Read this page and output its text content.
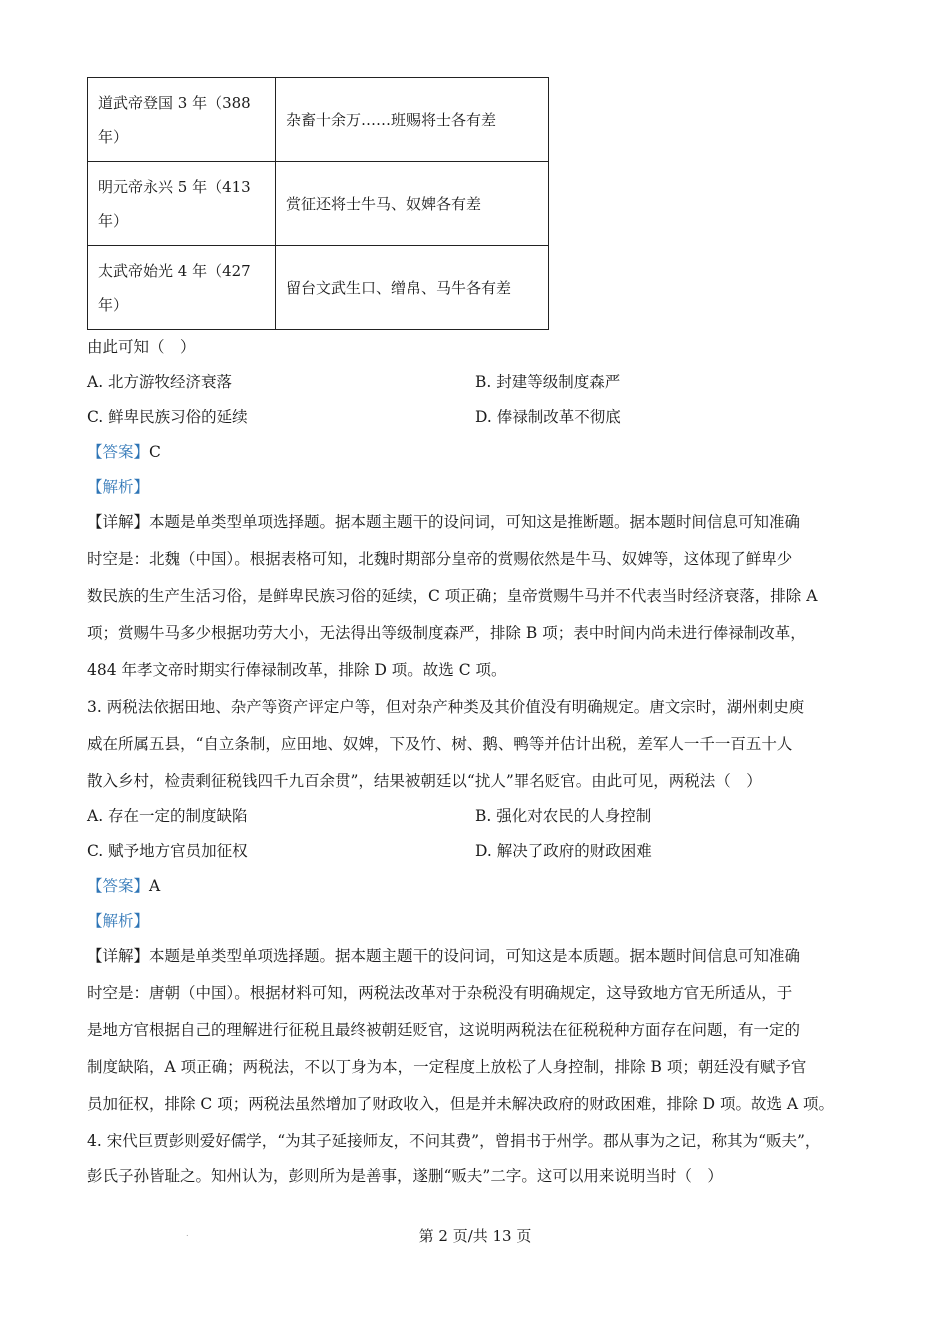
道武帝登国 3 年（388
年）	杂畜十余万……班赐将士各有差
明元帝永兴 5 年（413
年）	赏征还将士牛马、奴婢各有差
太武帝始光 4 年（427
年）	留台文武生口、缯帛、马牛各有差
由此可知（　）
A. 北方游牧经济衰落	B. 封建等级制度森严
C. 鲜卑民族习俗的延续	D. 俸禄制改革不彻底
【答案】C
【解析】
【详解】本题是单类型单项选择题。据本题主题干的设问词，可知这是推断题。据本题时间信息可知准确
时空是：北魏（中国）。根据表格可知，北魏时期部分皇帝的赏赐依然是牛马、奴婢等，这体现了鲜卑少
数民族的生产生活习俗，是鲜卑民族习俗的延续，C 项正确；皇帝赏赐牛马并不代表当时经济衰落，排除 A
项；赏赐牛马多少根据功劳大小，无法得出等级制度森严，排除 B 项；表中时间内尚未进行俸禄制改革，
484 年孝文帝时期实行俸禄制改革，排除 D 项。故选 C 项。
3. 两税法依据田地、杂产等资产评定户等，但对杂产种类及其价值没有明确规定。唐文宗时，湖州刺史庾
威在所属五县，“自立条制，应田地、奴婢，下及竹、树、鹅、鸭等并估计出税，差军人一千一百五十人
散入乡村，检责剩征税钱四千九百余贯”，结果被朝廷以“扰人”罪名贬官。由此可见，两税法（　）
A. 存在一定的制度缺陷	B. 强化对农民的人身控制
C. 赋予地方官员加征权	D. 解决了政府的财政困难
【答案】A
【解析】
【详解】本题是单类型单项选择题。据本题主题干的设问词，可知这是本质题。据本题时间信息可知准确
时空是：唐朝（中国）。根据材料可知，两税法改革对于杂税没有明确规定，这导致地方官无所适从，于
是地方官根据自己的理解进行征税且最终被朝廷贬官，这说明两税法在征税税种方面存在问题，有一定的
制度缺陷，A 项正确；两税法，不以丁身为本，一定程度上放松了人身控制，排除 B 项；朝廷没有赋予官
员加征权，排除 C 项；两税法虽然增加了财政收入，但是并未解决政府的财政困难，排除 D 项。故选 A 项。
4. 宋代巨贾彭则爱好儒学，“为其子延接师友，不问其费”，曾捐书于州学。郡从事为之记，称其为“贩夫”，
彭氏子孙皆耻之。知州认为，彭则所为是善事，遂删“贩夫”二字。这可以用来说明当时（　）
.	第 2 页/共 13 页
